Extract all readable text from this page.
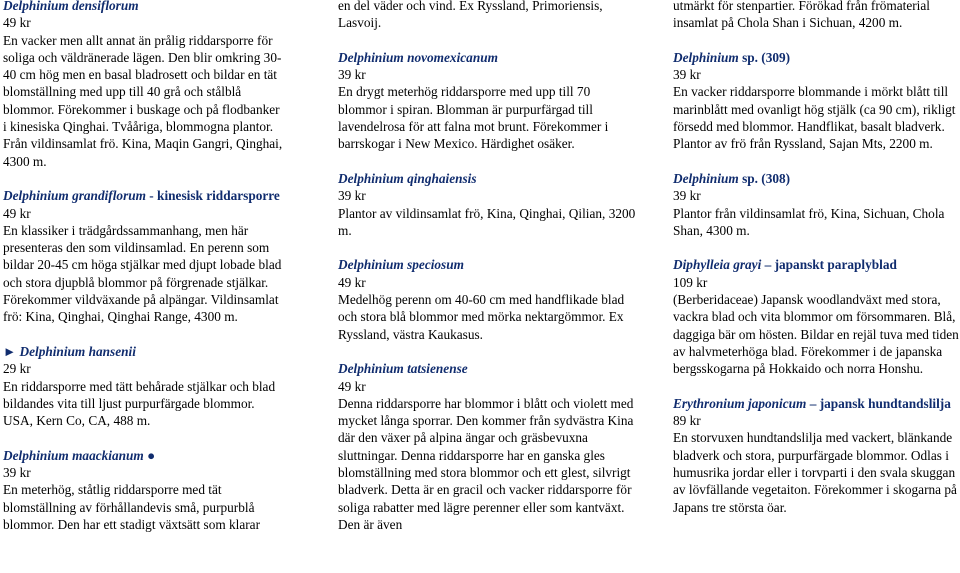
Delphinium densiflorum

49 kr

En vacker men allt annat än prålig riddarsporre för soliga och väldränerade lägen. Den blir omkring 30-40 cm hög men en basal bladrosett och bildar en tät blomställning med upp till 40 grå och stålblå blommor. Förekommer i buskage och på flodbanker i kinesiska Qinghai. Tvååriga, blommogna plantor. Från vildinsamlat frö. Kina, Maqin Gangri, Qinghai, 4300 m.

Delphinium grandiflorum - kinesisk riddarsporre

49 kr

En klassiker i trädgårdssammanhang, men här presenteras den som vildinsamlad. En perenn som bildar 20-45 cm höga stjälkar med djupt lobade blad och stora djupblå blommor på förgrenade stjälkar. Förekommer vildväxande på alpängar. Vildinsamlat frö: Kina, Qinghai, Qinghai Range, 4300 m.

► Delphinium hansenii

29 kr

En riddarsporre med tätt behårade stjälkar och blad bildandes vita till ljust purpurfärgade blommor. USA, Kern Co, CA, 488 m.

Delphinium maackianum ●

39 kr

En meterhög, ståtlig riddarsporre med tät blomställning av förhållandevis små, purpurblå blommor. Den har ett stadigt växtsätt som klarar

en del väder och vind. Ex Ryssland, Primoriensis, Lasvoij.

Delphinium novomexicanum

39 kr

En drygt meterhög riddarsporre med upp till 70 blommor i spiran. Blomman är purpurfärgad till lavendelrosa för att falna mot brunt. Förekommer i barrskogar i New Mexico. Härdighet osäker.

Delphinium qinghaiensis

39 kr

Plantor av vildinsamlat frö, Kina, Qinghai, Qilian, 3200 m.

Delphinium speciosum

49 kr

Medelhög perenn om 40-60 cm med handflikade blad och stora blå blommor med mörka nektargömmor. Ex Ryssland, västra Kaukasus.

Delphinium tatsienense

49 kr

Denna riddarsporre har blommor i blått och violett med mycket långa sporrar. Den kommer från sydvästra Kina där den växer på alpina ängar och gräsbevuxna sluttningar. Denna riddarsporre har en ganska gles blomställning med stora blommor och ett glest, silvrigt bladverk. Detta är en gracil och vacker riddarsporre för soliga rabatter med lägre perenner eller som kantväxt. Den är även

utmärkt för stenpartier. Förökad från frömaterial insamlat på Chola Shan i Sichuan, 4200 m.

Delphinium sp. (309)

39 kr

En vacker riddarsporre blommande i mörkt blått till marinblått med ovanligt hög stjälk (ca 90 cm), rikligt försedd med blommor. Handflikat, basalt bladverk. Plantor av frö från Ryssland, Sajan Mts, 2200 m.

Delphinium sp. (308)

39 kr

Plantor från vildinsamlat frö, Kina, Sichuan, Chola Shan, 4300 m.

Diphylleia grayi – japanskt paraplyblad

109 kr

(Berberidaceae) Japansk woodlandväxt med stora, vackra blad och vita blommor om försommaren. Blå, daggiga bär om hösten. Bildar en rejäl tuva med tiden av halvmeterhöga blad. Förekommer i de japanska bergsskogarna på Hokkaido och norra Honshu.

Erythronium japonicum – japansk hundtandslilja

89 kr

En storvuxen hundtandslilja med vackert, blänkande bladverk och stora, purpurfärgade blommor. Odlas i humusrika jordar eller i torvparti i den svala skuggan av lövfällande vegetaiton. Förekommer i skogarna på Japans tre största öar.
